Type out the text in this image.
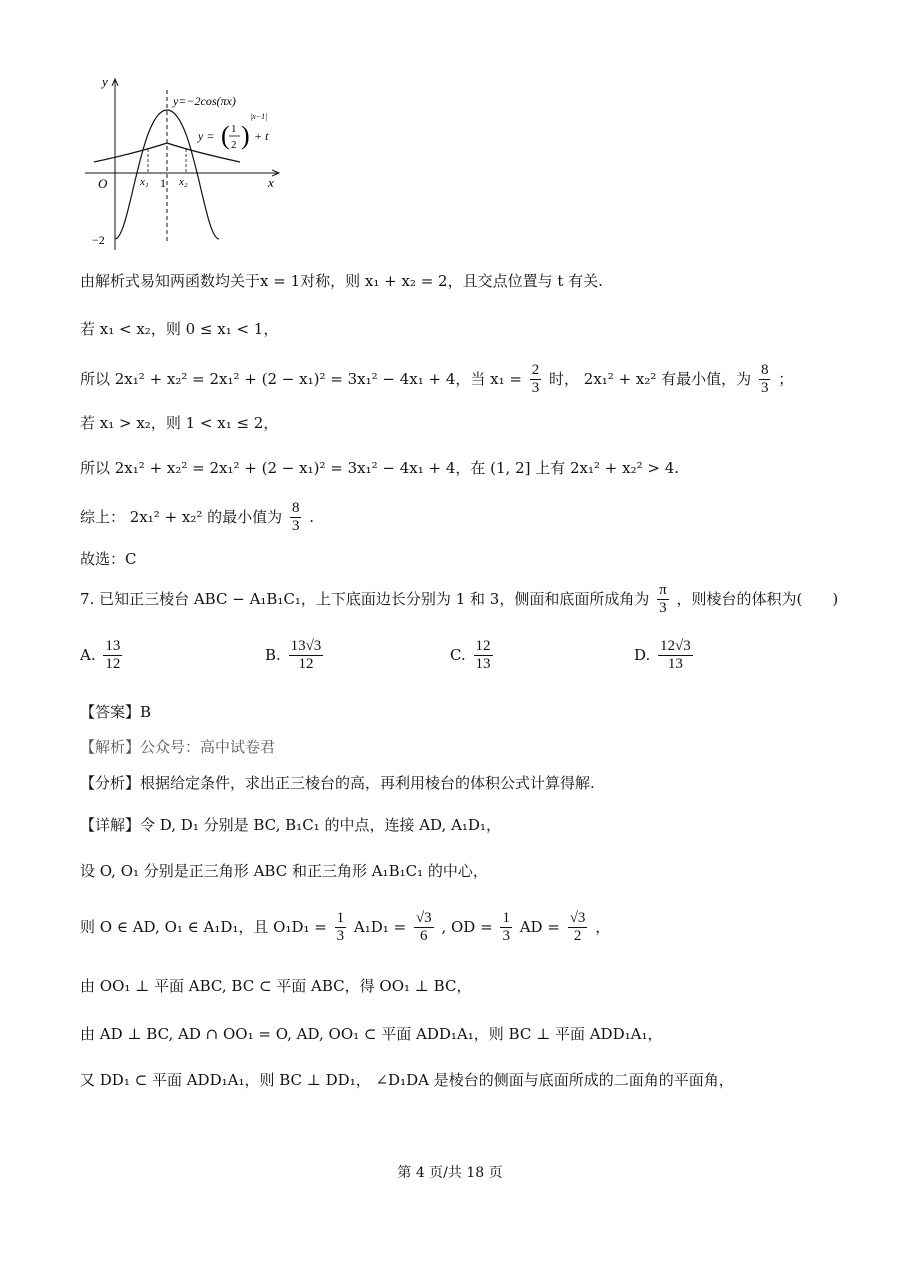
y
x
O	x₁ 1 x₂
−2
y=−2cos(πx)
y = ( 1
2 )
|x−1|
+ t
由解析式易知两函数均关于x = 1对称，则 x₁ + x₂ = 2，且交点位置与 t 有关.
若 x₁ < x₂，则 0 ≤ x₁ < 1，
所以 2x₁² + x₂² = 2x₁² + (2 − x₁)² = 3x₁² − 4x₁ + 4，当 $x_1 = \frac{2}{3}$ 时， 2x₁² + x₂² 有最小值，为 $\frac{8}{3}$ ；
若 x₁ > x₂，则 1 < x₁ ≤ 2，
所以 2x₁² + x₂² = 2x₁² + (2 − x₁)² = 3x₁² − 4x₁ + 4，在 (1, 2] 上有 2x₁² + x₂² > 4.
综上： 2x₁² + x₂² 的最小值为 $\frac{8}{3}$ .
故选：C
7. 已知正三棱台 ABC − A₁B₁C₁，上下底面边长分别为 1 和 3，侧面和底面所成角为 $\frac{\pi}{3}$ ，则棱台的体积为(　　)
A. $\frac{13}{12}$	B. $\frac{13√3}{12}$	C. $\frac{12}{13}$	D. $\frac{12√3}{13}$
【答案】B
【解析】公众号：高中试卷君
【分析】根据给定条件，求出正三棱台的高，再利用棱台的体积公式计算得解.
【详解】令 D, D₁ 分别是 BC, B₁C₁ 的中点，连接 AD, A₁D₁，
设 O, O₁ 分别是正三角形 ABC 和正三角形 A₁B₁C₁ 的中心，
则 O ∈ AD, O₁ ∈ A₁D₁，且 $O_1D_1 = \frac{1}{3} A_1D_1 = \frac{√3}{6}$ , OD = $\frac{1}{3}$ AD = $\frac{√3}{2}$ ，
由 OO₁ ⊥ 平面 ABC, BC ⊂ 平面 ABC，得 OO₁ ⊥ BC，
由 AD ⊥ BC, AD ∩ OO₁ = O, AD, OO₁ ⊂ 平面 ADD₁A₁，则 BC ⊥ 平面 ADD₁A₁，
又 DD₁ ⊂ 平面 ADD₁A₁，则 BC ⊥ DD₁， ∠D₁DA 是棱台的侧面与底面所成的二面角的平面角，
第 4 页/共 18 页
